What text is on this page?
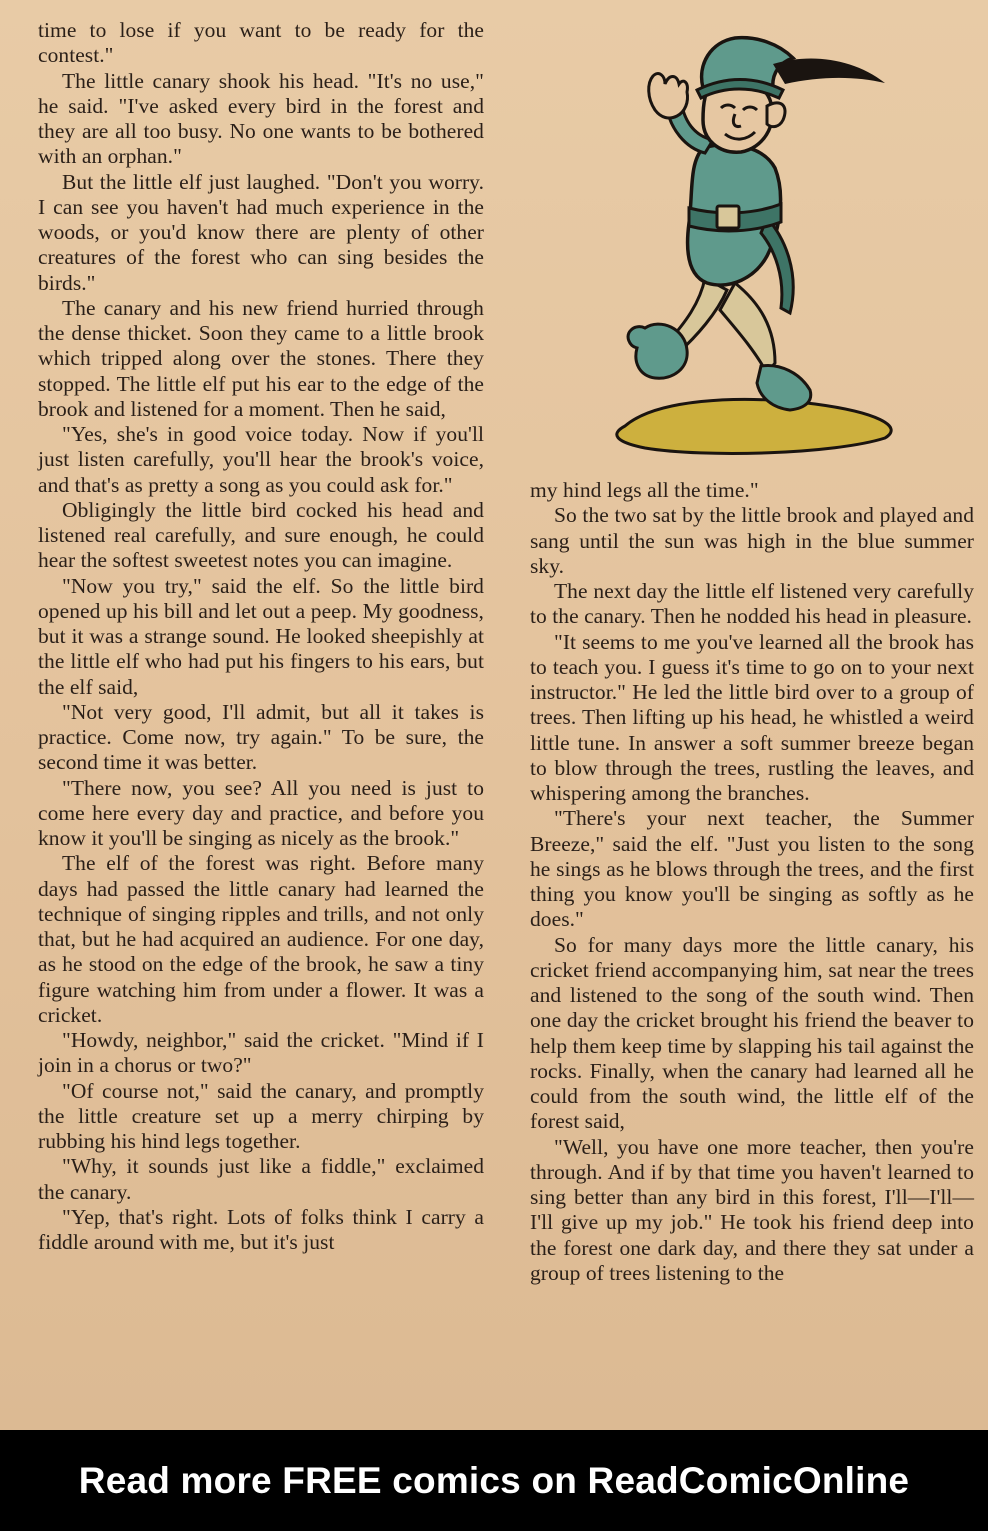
time to lose if you want to be ready for the contest."

The little canary shook his head. "It's no use," he said. "I've asked every bird in the forest and they are all too busy. No one wants to be bothered with an orphan."

But the little elf just laughed. "Don't you worry. I can see you haven't had much experience in the woods, or you'd know there are plenty of other creatures of the forest who can sing besides the birds."

The canary and his new friend hurried through the dense thicket. Soon they came to a little brook which tripped along over the stones. There they stopped. The little elf put his ear to the edge of the brook and listened for a moment. Then he said,

"Yes, she's in good voice today. Now if you'll just listen carefully, you'll hear the brook's voice, and that's as pretty a song as you could ask for."

Obligingly the little bird cocked his head and listened real carefully, and sure enough, he could hear the softest sweetest notes you can imagine.

"Now you try," said the elf. So the little bird opened up his bill and let out a peep. My goodness, but it was a strange sound. He looked sheepishly at the little elf who had put his fingers to his ears, but the elf said,

"Not very good, I'll admit, but all it takes is practice. Come now, try again." To be sure, the second time it was better.

"There now, you see? All you need is just to come here every day and practice, and before you know it you'll be singing as nicely as the brook."

The elf of the forest was right. Before many days had passed the little canary had learned the technique of singing ripples and trills, and not only that, but he had acquired an audience. For one day, as he stood on the edge of the brook, he saw a tiny figure watching him from under a flower. It was a cricket.

"Howdy, neighbor," said the cricket. "Mind if I join in a chorus or two?"

"Of course not," said the canary, and promptly the little creature set up a merry chirping by rubbing his hind legs together.

"Why, it sounds just like a fiddle," exclaimed the canary.

"Yep, that's right. Lots of folks think I carry a fiddle around with me, but it's just

my hind legs all the time."

So the two sat by the little brook and played and sang until the sun was high in the blue summer sky.

The next day the little elf listened very carefully to the canary. Then he nodded his head in pleasure.

"It seems to me you've learned all the brook has to teach you. I guess it's time to go on to your next instructor." He led the little bird over to a group of trees. Then lifting up his head, he whistled a weird little tune. In answer a soft summer breeze began to blow through the trees, rustling the leaves, and whispering among the branches.

"There's your next teacher, the Summer Breeze," said the elf. "Just you listen to the song he sings as he blows through the trees, and the first thing you know you'll be singing as softly as he does."

So for many days more the little canary, his cricket friend accompanying him, sat near the trees and listened to the song of the south wind. Then one day the cricket brought his friend the beaver to help them keep time by slapping his tail against the rocks. Finally, when the canary had learned all he could from the south wind, the little elf of the forest said,

"Well, you have one more teacher, then you're through. And if by that time you haven't learned to sing better than any bird in this forest, I'll—I'll—I'll give up my job." He took his friend deep into the forest one dark day, and there they sat under a group of trees listening to the

Read more FREE comics on ReadComicOnline
